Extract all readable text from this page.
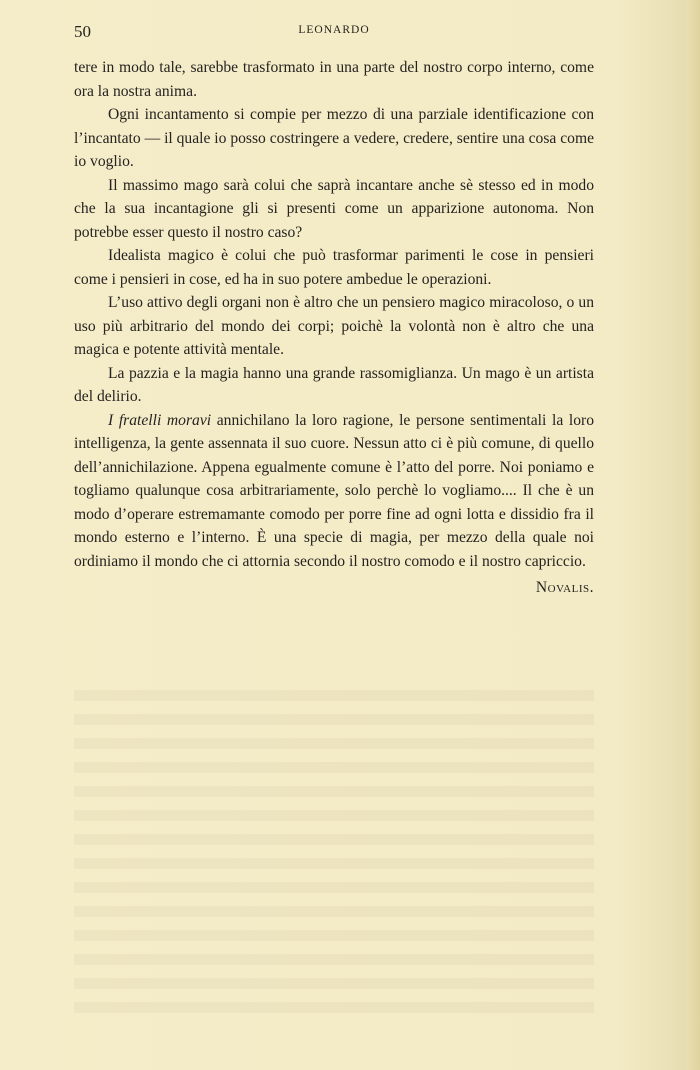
50	LEONARDO

tere in modo tale, sarebbe trasformato in una parte del nostro corpo interno, come ora la nostra anima.

Ogni incantamento si compie per mezzo di una parziale identificazione con l’incantato — il quale io posso costringere a vedere, credere, sentire una cosa come io voglio.

Il massimo mago sarà colui che saprà incantare anche sè stesso ed in modo che la sua incantagione gli si presenti come un apparizione autonoma. Non potrebbe esser questo il nostro caso?

Idealista magico è colui che può trasformar parimenti le cose in pensieri come i pensieri in cose, ed ha in suo potere ambedue le operazioni.

L’uso attivo degli organi non è altro che un pensiero magico miracoloso, o un uso più arbitrario del mondo dei corpi; poichè la volontà non è altro che una magica e potente attività mentale.

La pazzia e la magia hanno una grande rassomiglianza. Un mago è un artista del delirio.

I fratelli moravi annichilano la loro ragione, le persone sentimentali la loro intelligenza, la gente assennata il suo cuore. Nessun atto ci è più comune, di quello dell’annichilazione. Appena egualmente comune è l’atto del porre. Noi poniamo e togliamo qualunque cosa arbitrariamente, solo perchè lo vogliamo.... Il che è un modo d’operare estremamante comodo per porre fine ad ogni lotta e dissidio fra il mondo esterno e l’interno. È una specie di magia, per mezzo della quale noi ordiniamo il mondo che ci attornia secondo il nostro comodo e il nostro capriccio.

Novalis.
